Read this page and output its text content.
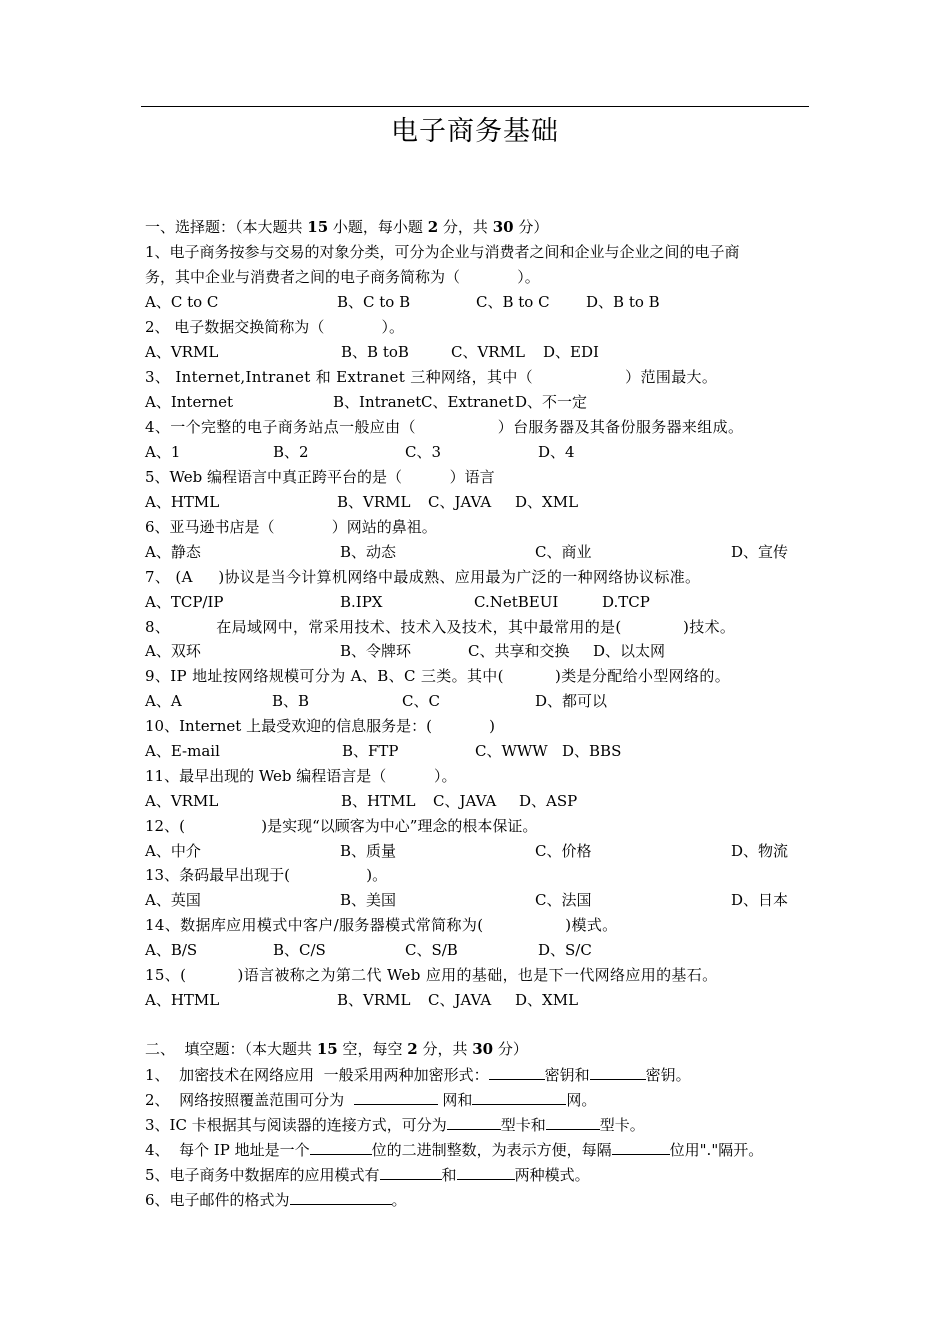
电子商务基础
一、选择题：（本大题共 15 小题，每小题 2 分，共 30 分）
1、电子商务按参与交易的对象分类，可分为企业与消费者之间和企业与企业之间的电子商
务，其中企业与消费者之间的电子商务简称为（            ）。
A、C to C	B、C to B	C、B to C D、B to B
2、 电子数据交换简称为（            ）。
A、VRML	B、B toB	C、VRML D、EDI
3、 Internet,Intranet 和 Extranet 三种网络，其中（                  ）范围最大。
A、Internet	B、Intranet C、Extranet D、不一定
4、一个完整的电子商务站点一般应由（                ）台服务器及其备份服务器来组成。
A、1	B、2	C、3	D、4
5、Web 编程语言中真正跨平台的是（          ）语言
A、HTML	B、VRML C、JAVA D、XML
6、亚马逊书店是（            ）网站的鼻祖。
A、静态	B、动态	C、商业	D、宣传
7、 (A     )协议是当今计算机网络中最成熟、应用最为广泛的一种网络协议标准。
A、TCP/IP	B.IPX	C.NetBEUI	D.TCP
8、         在局域网中，常采用技术、技术入及技术，其中最常用的是(            )技术。
A、双环	B、令牌环	C、共享和交换 D、以太网
9、IP 地址按网络规模可分为 A、B、C 三类。其中(          )类是分配给小型网络的。
A、A	B、B	C、C	D、都可以
10、Internet 上最受欢迎的信息服务是：(            )
A、E-mail	B、FTP	C、WWW D、BBS
11、最早出现的 Web 编程语言是（          ）。
A、VRML	B、HTML C、JAVA D、ASP
12、(                )是实现“以顾客为中心”理念的根本保证。
A、中介	B、质量	C、价格	D、物流
13、条码最早出现于(                )。
A、英国	B、美国	C、法国	D、日本
14、数据库应用模式中客户/服务器模式常简称为(                )模式。
A、B/S	B、C/S	C、S/B	D、S/C
15、(          )语言被称之为第二代 Web 应用的基础，也是下一代网络应用的基石。
A、HTML	B、VRML C、JAVA D、XML
二、  填空题：（本大题共 15 空，每空 2 分，共 30 分）
1、  加密技术在网络应用  一般采用两种加密形式：	密钥和	密钥。
2、  网络按照覆盖范围可分为	网和	网。
3、IC 卡根据其与阅读器的连接方式，可分为	型卡和	型卡。
4、  每个 IP 地址是一个	位的二进制整数，为表示方便，每隔	位用"."隔开。
5、电子商务中数据库的应用模式有	和	两种模式。
6、电子邮件的格式为	。
